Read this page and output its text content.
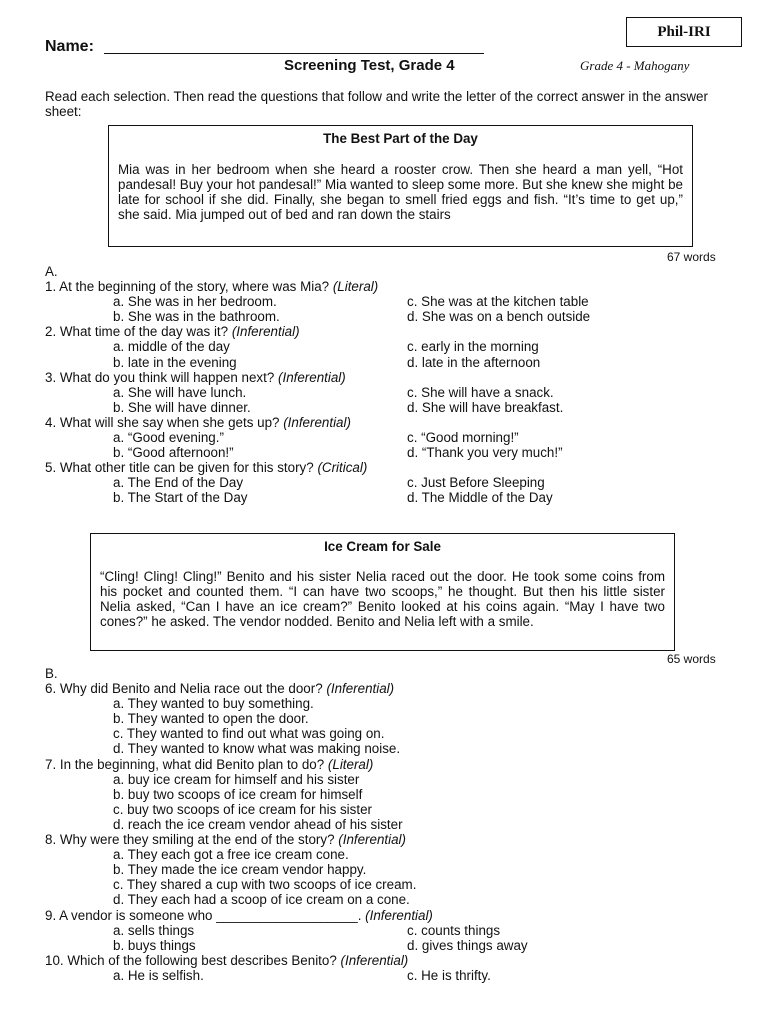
Phil-IRI
Name:
Screening Test, Grade 4	Grade 4 - Mahogany
Read each selection. Then read the questions that follow and write the letter of the correct answer in the answer sheet:
The Best Part of the Day
Mia was in her bedroom when she heard a rooster crow. Then she heard a man yell, “Hot pandesal! Buy your hot pandesal!” Mia wanted to sleep some more. But she knew she might be late for school if she did. Finally, she began to smell fried eggs and fish. “It’s time to get up,” she said. Mia jumped out of bed and ran down the stairs
67 words
A.
1. At the beginning of the story, where was Mia? (Literal)
a. She was in her bedroom.	c. She was at the kitchen table
b. She was in the bathroom.	d. She was on a bench outside
2. What time of the day was it? (Inferential)
a. middle of the day	c. early in the morning
b. late in the evening	d. late in the afternoon
3. What do you think will happen next? (Inferential)
a. She will have lunch.	c. She will have a snack.
b. She will have dinner.	d. She will have breakfast.
4. What will she say when she gets up? (Inferential)
a. “Good evening.”	c. “Good morning!”
b. “Good afternoon!”	d. “Thank you very much!”
5. What other title can be given for this story? (Critical)
a. The End of the Day	c. Just Before Sleeping
b. The Start of the Day	d. The Middle of the Day
Ice Cream for Sale
“Cling! Cling! Cling!” Benito and his sister Nelia raced out the door. He took some coins from his pocket and counted them. “I can have two scoops,” he thought. But then his little sister Nelia asked, “Can I have an ice cream?” Benito looked at his coins again. “May I have two cones?” he asked. The vendor nodded. Benito and Nelia left with a smile.
65 words
B.
6. Why did Benito and Nelia race out the door? (Inferential)
a. They wanted to buy something.
b. They wanted to open the door.
c. They wanted to find out what was going on.
d. They wanted to know what was making noise.
7. In the beginning, what did Benito plan to do? (Literal)
a. buy ice cream for himself and his sister
b. buy two scoops of ice cream for himself
c. buy two scoops of ice cream for his sister
d. reach the ice cream vendor ahead of his sister
8. Why were they smiling at the end of the story? (Inferential)
a. They each got a free ice cream cone.
b. They made the ice cream vendor happy.
c. They shared a cup with two scoops of ice cream.
d. They each had a scoop of ice cream on a cone.
9. A vendor is someone who ___________________. (Inferential)
a. sells things	c. counts things
b. buys things	d. gives things away
10. Which of the following best describes Benito? (Inferential)
a. He is selfish.	c. He is thrifty.
